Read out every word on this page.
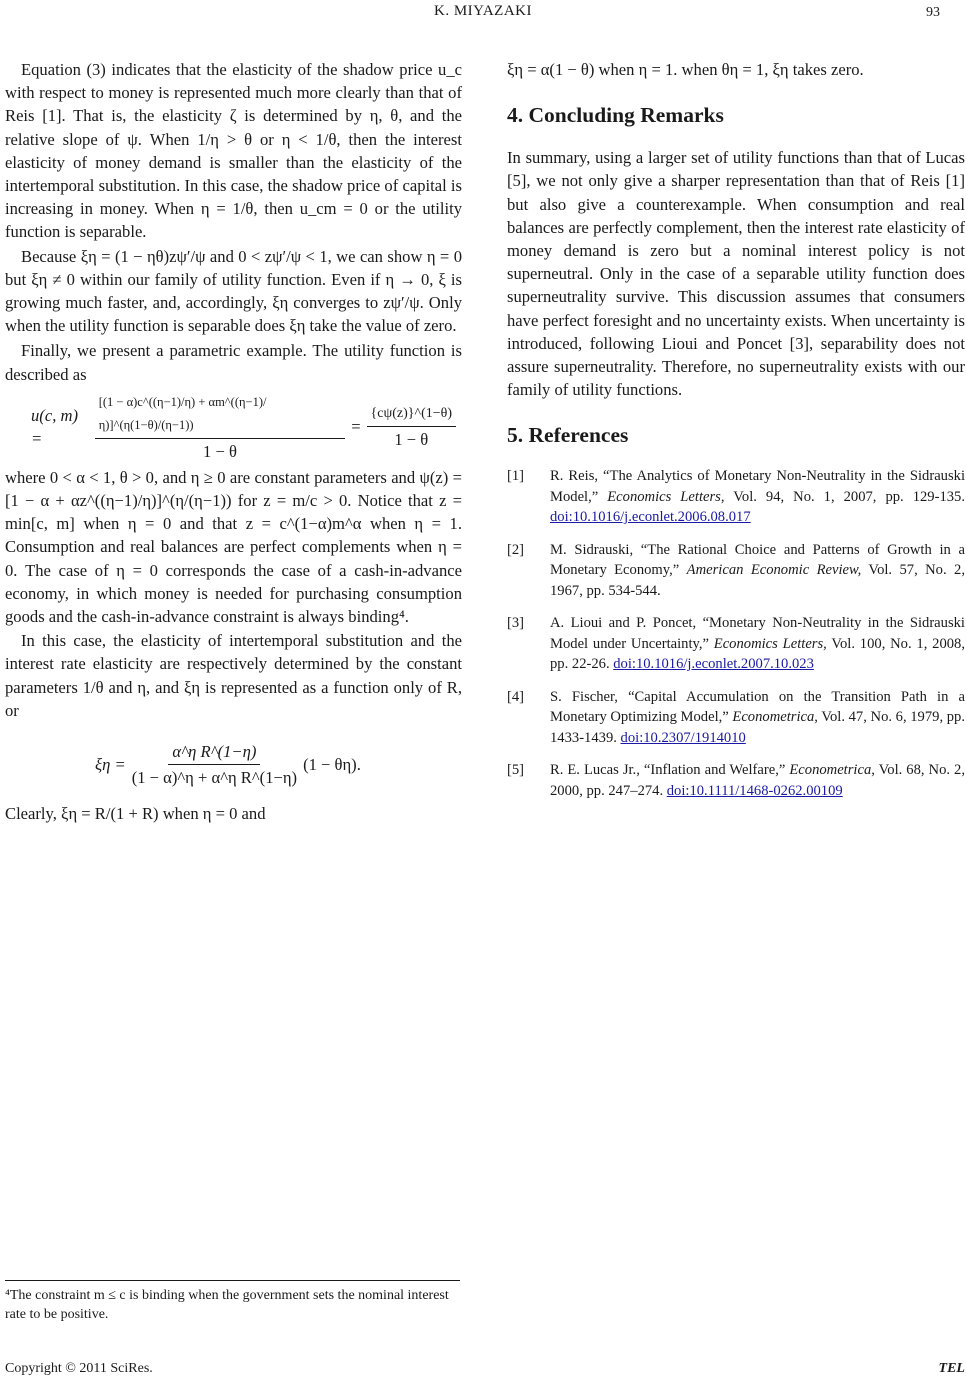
K. MIYAZAKI	93

Equation (3) indicates that the elasticity of the shadow price u_c with respect to money is represented much more clearly than that of Reis [1]. That is, the elasticity ζ is determined by η, θ, and the relative slope of ψ. When 1/η > θ or η < 1/θ, then the interest elasticity of money demand is smaller than the elasticity of the intertemporal substitution. In this case, the shadow price of capital is increasing in money. When η = 1/θ, then u_cm = 0 or the utility function is separable.

Because ξη = (1 − ηθ)zψ′/ψ and 0 < zψ′/ψ < 1, we can show η = 0 but ξη ≠ 0 within our family of utility function. Even if η → 0, ξ is growing much faster, and, accordingly, ξη converges to zψ′/ψ. Only when the utility function is separable does ξη take the value of zero.

Finally, we present a parametric example. The utility function is described as

u(c, m) =	$\frac{[(1 - \alpha)c\^{}((\eta-1)/\eta) + \alpha m\^{}((\eta-1)/\eta)]\^{}(\eta(1-\theta)/(\eta-1))}{1 - \theta} = \frac{\{c\psi(z)\}\^{}(1-\theta)}{1 - \theta}$

where 0 < α < 1, θ > 0, and η ≥ 0 are constant parameters and ψ(z) = [1 − α + αz^((η−1)/η)]^(η/(η−1)) for z = m/c > 0. Notice that z = min[c, m] when η = 0 and that z = c^(1−α)m^α when η = 1. Consumption and real balances are perfect complements when η = 0. The case of η = 0 corresponds the case of a cash-in-advance economy, in which money is needed for purchasing consumption goods and the cash-in-advance constraint is always binding⁴.

In this case, the elasticity of intertemporal substitution and the interest rate elasticity are respectively determined by the constant parameters 1/θ and η, and ξη is represented as a function only of R, or

$\xi\eta = \frac{\text{α\textasciicircum{}η R\textasciicircum{}(1−η)}}{\text{(1 − α)\textasciicircum{}η + α\textasciicircum{}η R\textasciicircum{}(1−η)}} (1 - \theta\eta)$.

Clearly, ξη = R/(1 + R) when η = 0 and

ξη = α(1 − θ) when η = 1. when θη = 1, ξη takes zero.

4. Concluding Remarks

In summary, using a larger set of utility functions than that of Lucas [5], we not only give a sharper representation than that of Reis [1] but also give a counterexample. When consumption and real balances are perfectly complement, then the interest rate elasticity of money demand is zero but a nominal interest policy is not superneutral. Only in the case of a separable utility function does superneutrality survive. This discussion assumes that consumers have perfect foresight and no uncertainty exists. When uncertainty is introduced, following Lioui and Poncet [3], separability does not assure superneutrality. Therefore, no superneutrality exists with our family of utility functions.

5. References
[1]	R. Reis, “The Analytics of Monetary Non-Neutrality in the Sidrauski Model,” Economics Letters, Vol. 94, No. 1, 2007, pp. 129-135. doi:10.1016/j.econlet.2006.08.017
[2]	M. Sidrauski, “The Rational Choice and Patterns of Growth in a Monetary Economy,” American Economic Review, Vol. 57, No. 2, 1967, pp. 534-544.
[3]	A. Lioui and P. Poncet, “Monetary Non-Neutrality in the Sidrauski Model under Uncertainty,” Economics Letters, Vol. 100, No. 1, 2008, pp. 22-26. doi:10.1016/j.econlet.2007.10.023
[4]	S. Fischer, “Capital Accumulation on the Transition Path in a Monetary Optimizing Model,” Econometrica, Vol. 47, No. 6, 1979, pp. 1433-1439. doi:10.2307/1914010
[5]	R. E. Lucas Jr., “Inflation and Welfare,” Econometrica, Vol. 68, No. 2, 2000, pp. 247–274. doi:10.1111/1468-0262.00109
⁴The constraint m ≤ c is binding when the government sets the nominal interest rate to be positive.
Copyright © 2011 SciRes.	TEL
